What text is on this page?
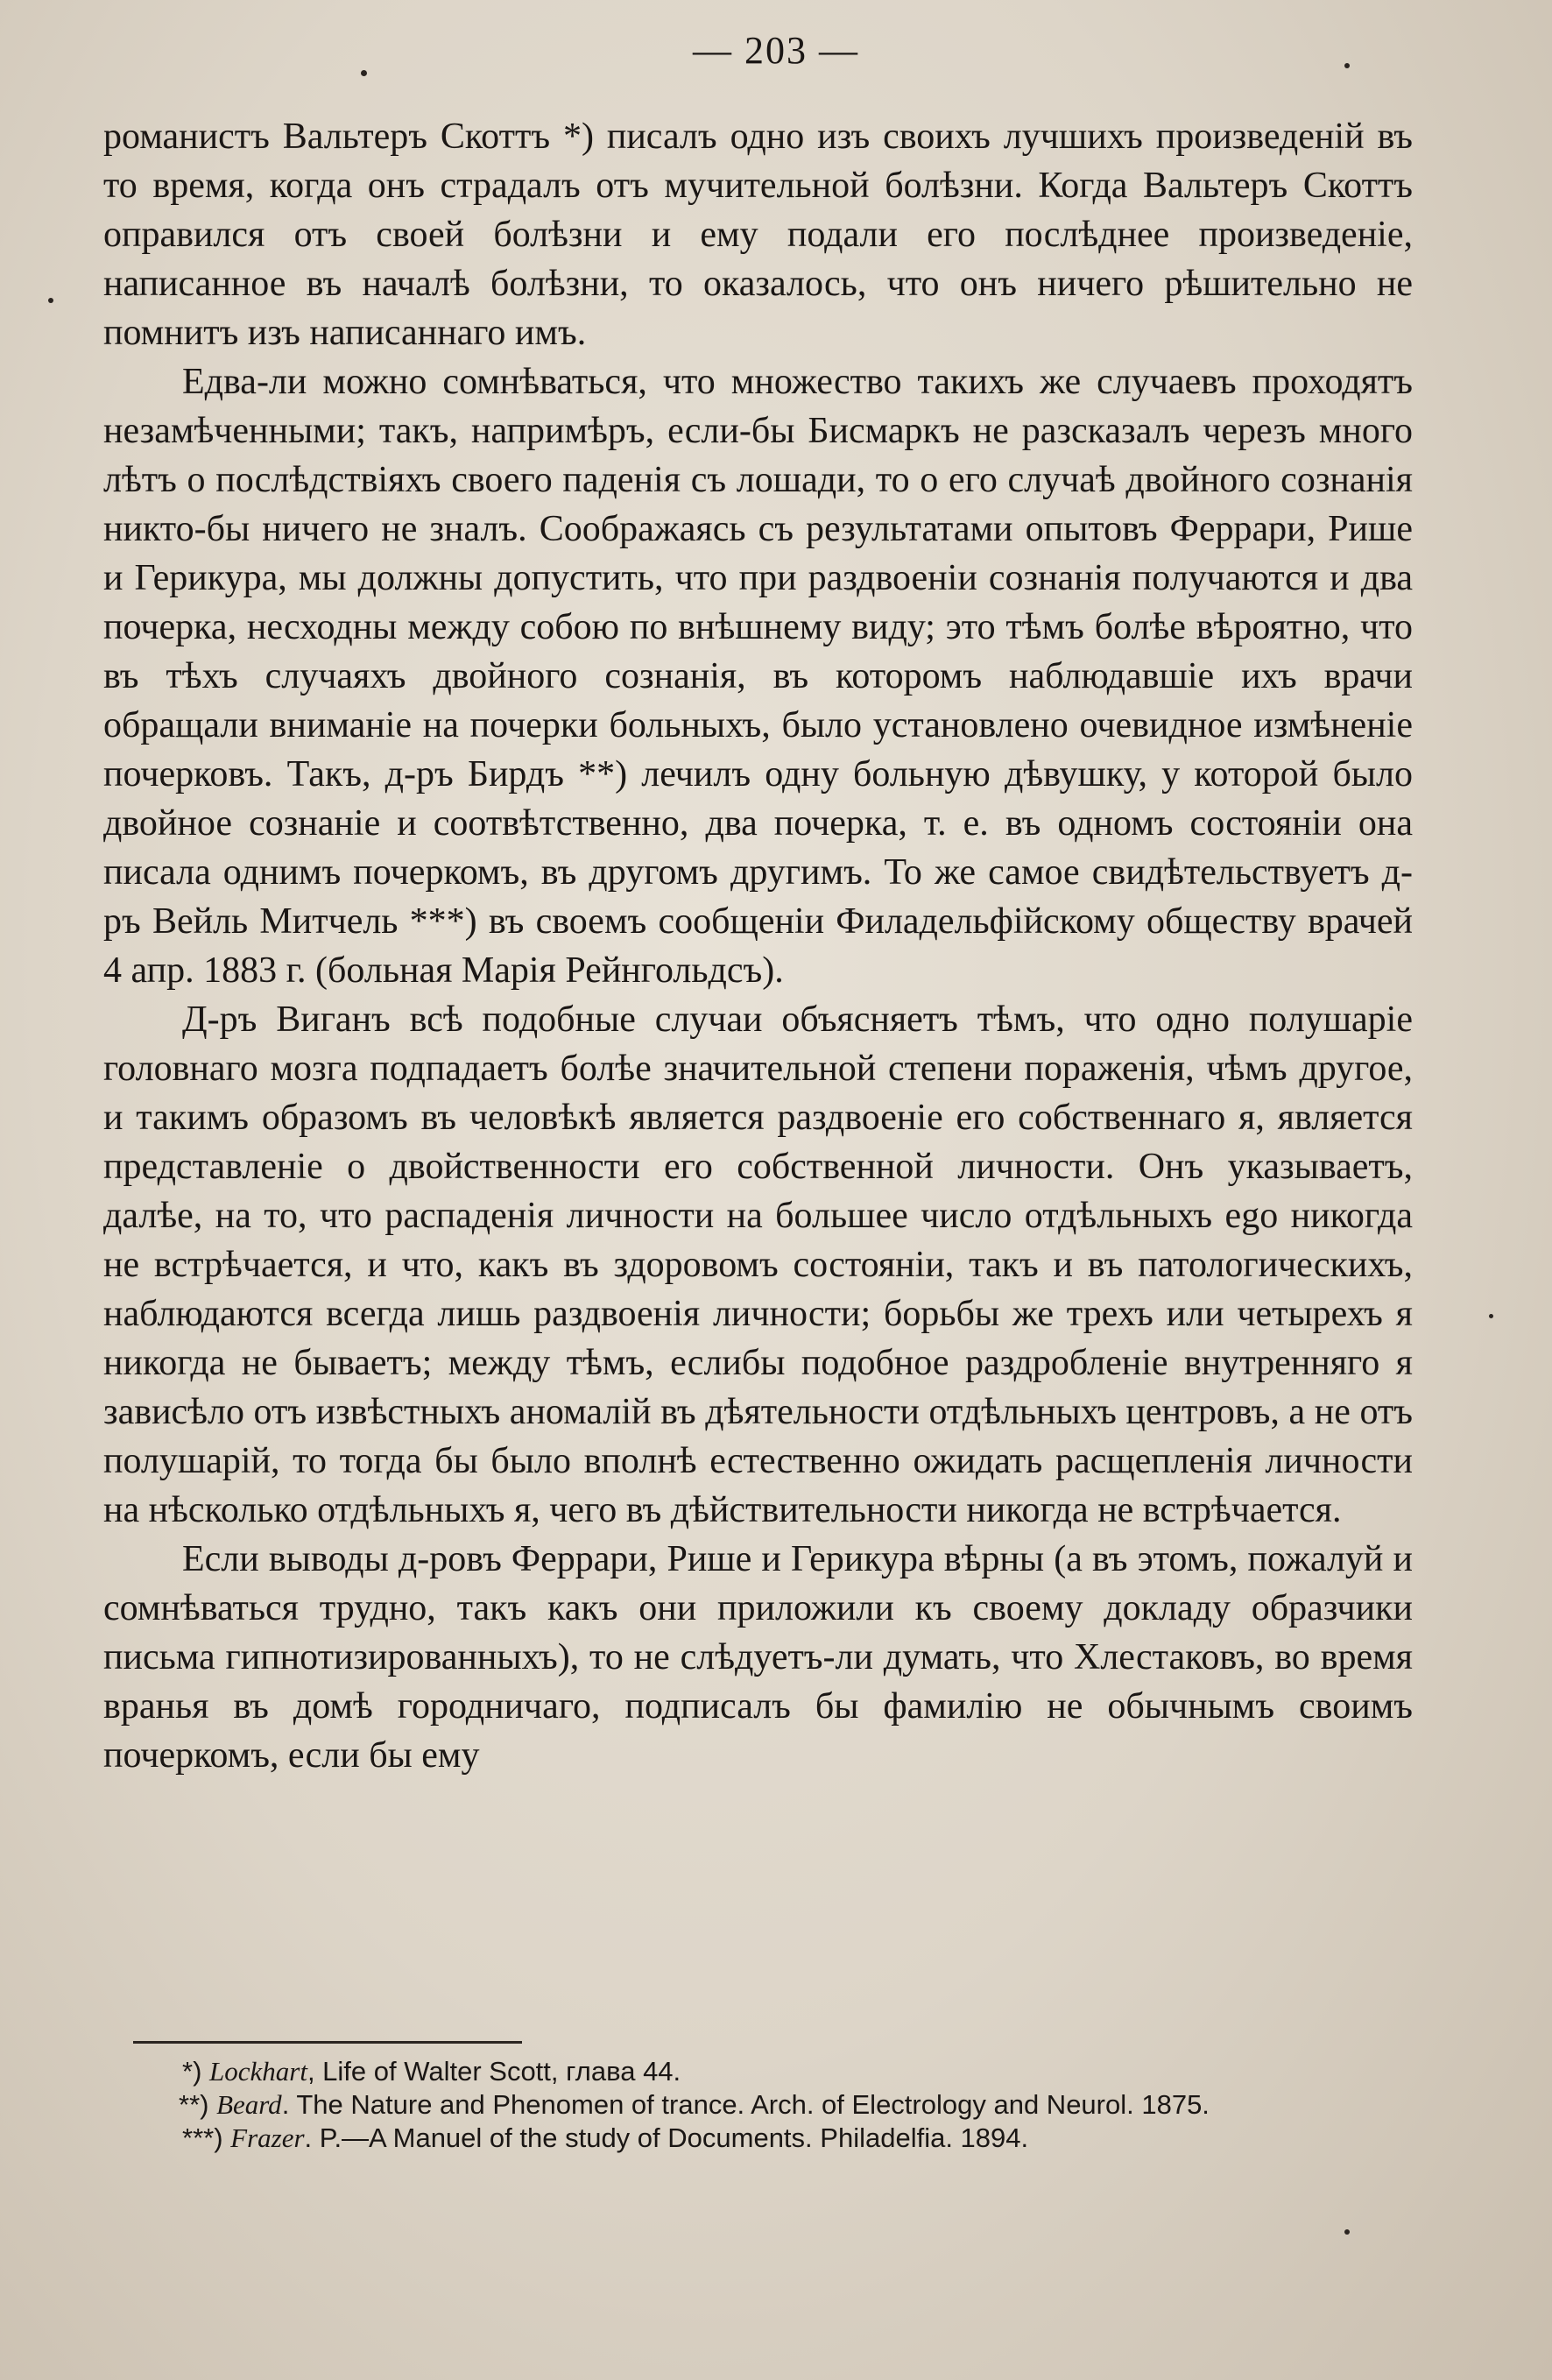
— 203 —

романистъ Вальтеръ Скоттъ *) писалъ одно изъ своихъ лучшихъ произведеній въ то время, когда онъ страдалъ отъ мучительной болѣзни. Когда Вальтеръ Скоттъ оправился отъ своей болѣзни и ему подали его послѣднее произведеніе, написанное въ началѣ болѣзни, то оказалось, что онъ ничего рѣшительно не помнитъ изъ написаннаго имъ.

Едва-ли можно сомнѣваться, что множество такихъ же случаевъ проходятъ незамѣченными; такъ, напримѣръ, если-бы Бисмаркъ не разсказалъ черезъ много лѣтъ о послѣдствіяхъ своего паденія съ лошади, то о его случаѣ двойного сознанія никто-бы ничего не зналъ. Соображаясь съ результатами опытовъ Феррари, Рише и Герикура, мы должны допустить, что при раздвоеніи сознанія получаются и два почерка, несходны между собою по внѣшнему виду; это тѣмъ болѣе вѣроятно, что въ тѣхъ случаяхъ двойного сознанія, въ которомъ наблюдавшіе ихъ врачи обращали вниманіе на почерки больныхъ, было установлено очевидное измѣненіе почерковъ. Такъ, д-ръ Бирдъ **) лечилъ одну больную дѣвушку, у которой было двойное сознаніе и соотвѣтственно, два почерка, т. е. въ одномъ состояніи она писала однимъ почеркомъ, въ другомъ другимъ. То же самое свидѣтельствуетъ д-ръ Вейль Митчель ***) въ своемъ сообщеніи Филадельфійскому обществу врачей 4 апр. 1883 г. (больная Марія Рейнгольдсъ).

Д-ръ Виганъ всѣ подобные случаи объясняетъ тѣмъ, что одно полушаріе головнаго мозга подпадаетъ болѣе значительной степени пораженія, чѣмъ другое, и такимъ образомъ въ человѣкѣ является раздвоеніе его собственнаго я, является представленіе о двойственности его собственной личности. Онъ указываетъ, далѣе, на то, что распаденія личности на большее число отдѣльныхъ ego никогда не встрѣчается, и что, какъ въ здоровомъ состояніи, такъ и въ патологическихъ, наблюдаются всегда лишь раздвоенія личности; борьбы же трехъ или четырехъ я никогда не бываетъ; между тѣмъ, еслибы подобное раздробленіе внутренняго я зависѣло отъ извѣстныхъ аномалій въ дѣятельности отдѣльныхъ центровъ, а не отъ полушарій, то тогда бы было вполнѣ естественно ожидать расщепленія личности на нѣсколько отдѣльныхъ я, чего въ дѣйствительности никогда не встрѣчается.

Если выводы д-ровъ Феррари, Рише и Герикура вѣрны (а въ этомъ, пожалуй и сомнѣваться трудно, такъ какъ они приложили къ своему докладу образчики письма гипнотизированныхъ), то не слѣдуетъ-ли думать, что Хлестаковъ, во время вранья въ домѣ городничаго, подписалъ бы фамилію не обычнымъ своимъ почеркомъ, если бы ему

*) Lockhart, Life of Walter Scott, глава 44.

**) Beard. The Nature and Phenomen of trance. Arch. of Electrology and Neurol. 1875.

***) Frazer. P.—A Manuel of the study of Documents. Philadelfia. 1894.
